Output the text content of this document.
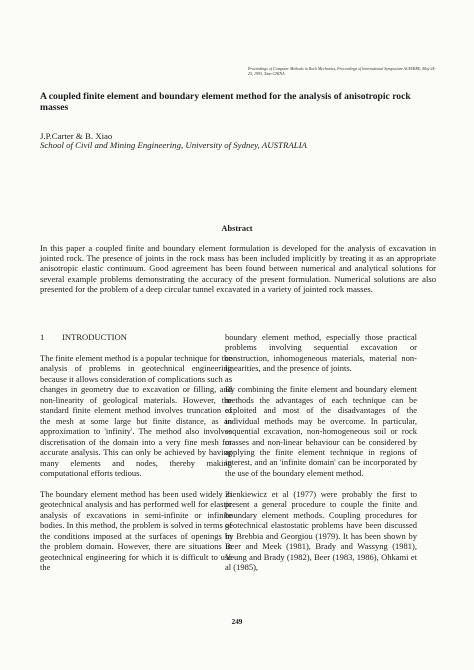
Proceedings of Computer Methods in Rock Mechanics, Proceedings of International Symposium ACM/RRE, May 24-25, 1993, Xian CHINA
A coupled finite element and boundary element method for the analysis of anisotropic rock masses
J.P.Carter & B. Xiao
School of Civil and Mining Engineering, University of Sydney, AUSTRALIA
Abstract
In this paper a coupled finite and boundary element formulation is developed for the analysis of excavation in jointed rock. The presence of joints in the rock mass has been included implicitly by treating it as an appropriate anisotropic elastic continuum. Good agreement has been found between numerical and analytical solutions for several example problems demonstrating the accuracy of the present formulation. Numerical solutions are also presented for the problem of a deep circular tunnel excavated in a variety of jointed rock masses.
1	INTRODUCTION

The finite element method is a popular technique for the analysis of problems in geotechnical engineering because it allows consideration of complications such as changes in geometry due to excavation or filling, and non-linearity of geological materials. However, the standard finite element method involves truncation of the mesh at some large but finite distance, as an approximation to 'infinity'. The method also involves discretisation of the domain into a very fine mesh for accurate analysis. This can only be achieved by having many elements and nodes, thereby making computational efforts tedious.

The boundary element method has been used widely in geotechnical analysis and has performed well for elastic analysis of excavations in semi-infinite or infinite bodies. In this method, the problem is solved in terms of the conditions imposed at the surfaces of openings in the problem domain. However, there are situations in geotechnical engineering for which it is difficult to use the

boundary element method, especially those practical problems involving sequential excavation or construction, inhomogeneous materials, material non-linearities, and the presence of joints.

By combining the finite element and boundary element methods the advantages of each technique can be exploited and most of the disadvantages of the individual methods may be overcome. In particular, sequential excavation, non-homogeneous soil or rock masses and non-linear behaviour can be considered by applying the finite element technique in regions of interest, and an 'infinite domain' can be incorporated by the use of the boundary element method.

Zienkiewicz et al (1977) were probably the first to present a general procedure to couple the finite and boundary element methods. Coupling procedures for geotechnical elastostatic problems have been discussed by Brebbia and Georgiou (1979). It has been shown by Beer and Meek (1981), Brady and Wassyng (1981), Yeung and Brady (1982), Beer (1983, 1986), Ohkami et al (1985),

249
